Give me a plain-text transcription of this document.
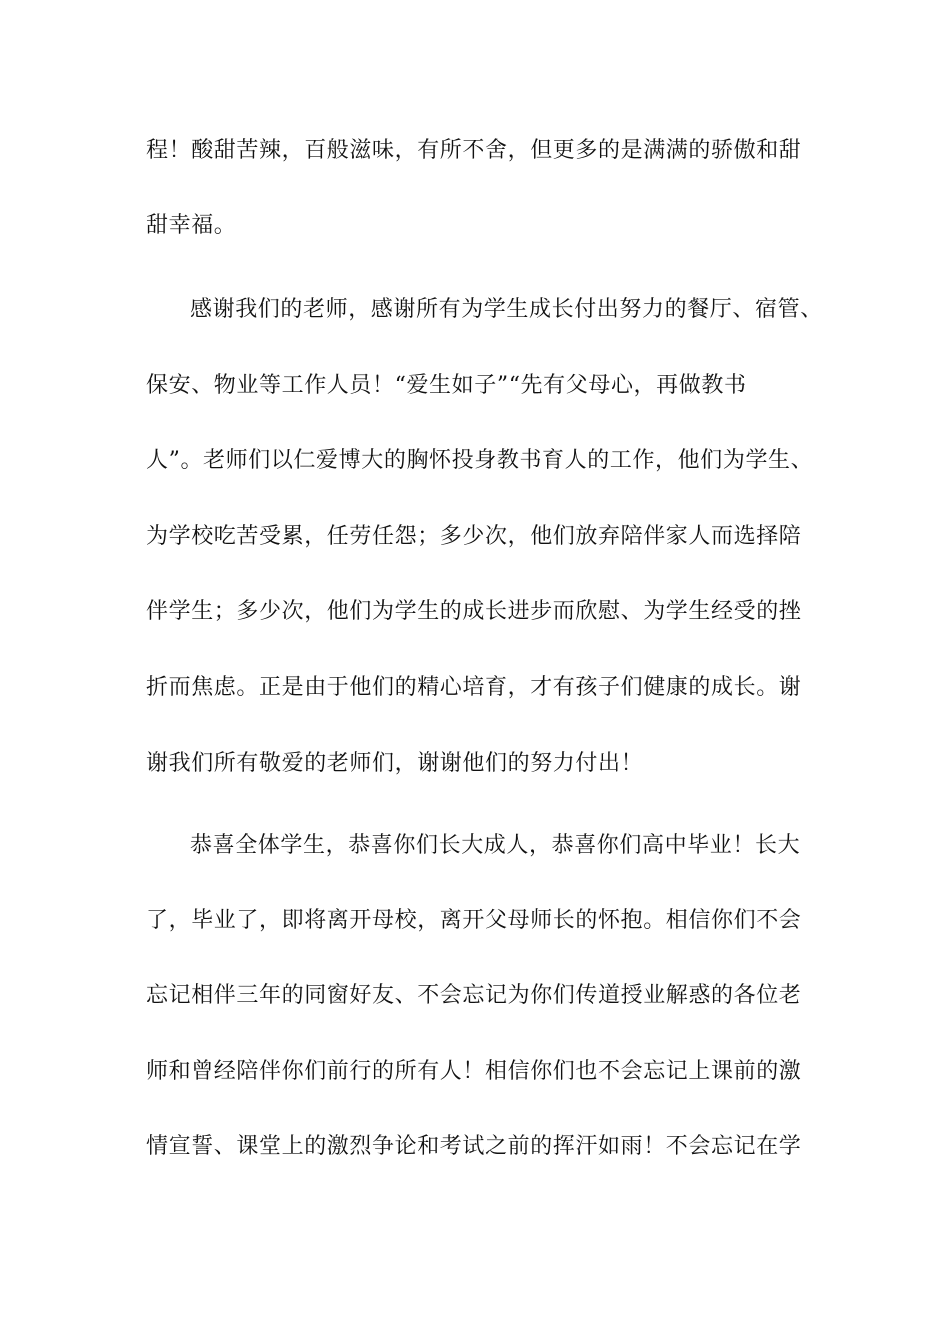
程！酸甜苦辣，百般滋味，有所不舍，但更多的是满满的骄傲和甜
甜幸福。
感谢我们的老师，感谢所有为学生成长付出努力的餐厅、宿管、
保安、物业等工作人员！“爱生如子”“先有父母心，再做教书
人”。老师们以仁爱博大的胸怀投身教书育人的工作，他们为学生、
为学校吃苦受累，任劳任怨；多少次，他们放弃陪伴家人而选择陪
伴学生；多少次，他们为学生的成长进步而欣慰、为学生经受的挫
折而焦虑。正是由于他们的精心培育，才有孩子们健康的成长。谢
谢我们所有敬爱的老师们，谢谢他们的努力付出！
恭喜全体学生，恭喜你们长大成人，恭喜你们高中毕业！长大
了，毕业了，即将离开母校，离开父母师长的怀抱。相信你们不会
忘记相伴三年的同窗好友、不会忘记为你们传道授业解惑的各位老
师和曾经陪伴你们前行的所有人！相信你们也不会忘记上课前的激
情宣誓、课堂上的激烈争论和考试之前的挥汗如雨！不会忘记在学
